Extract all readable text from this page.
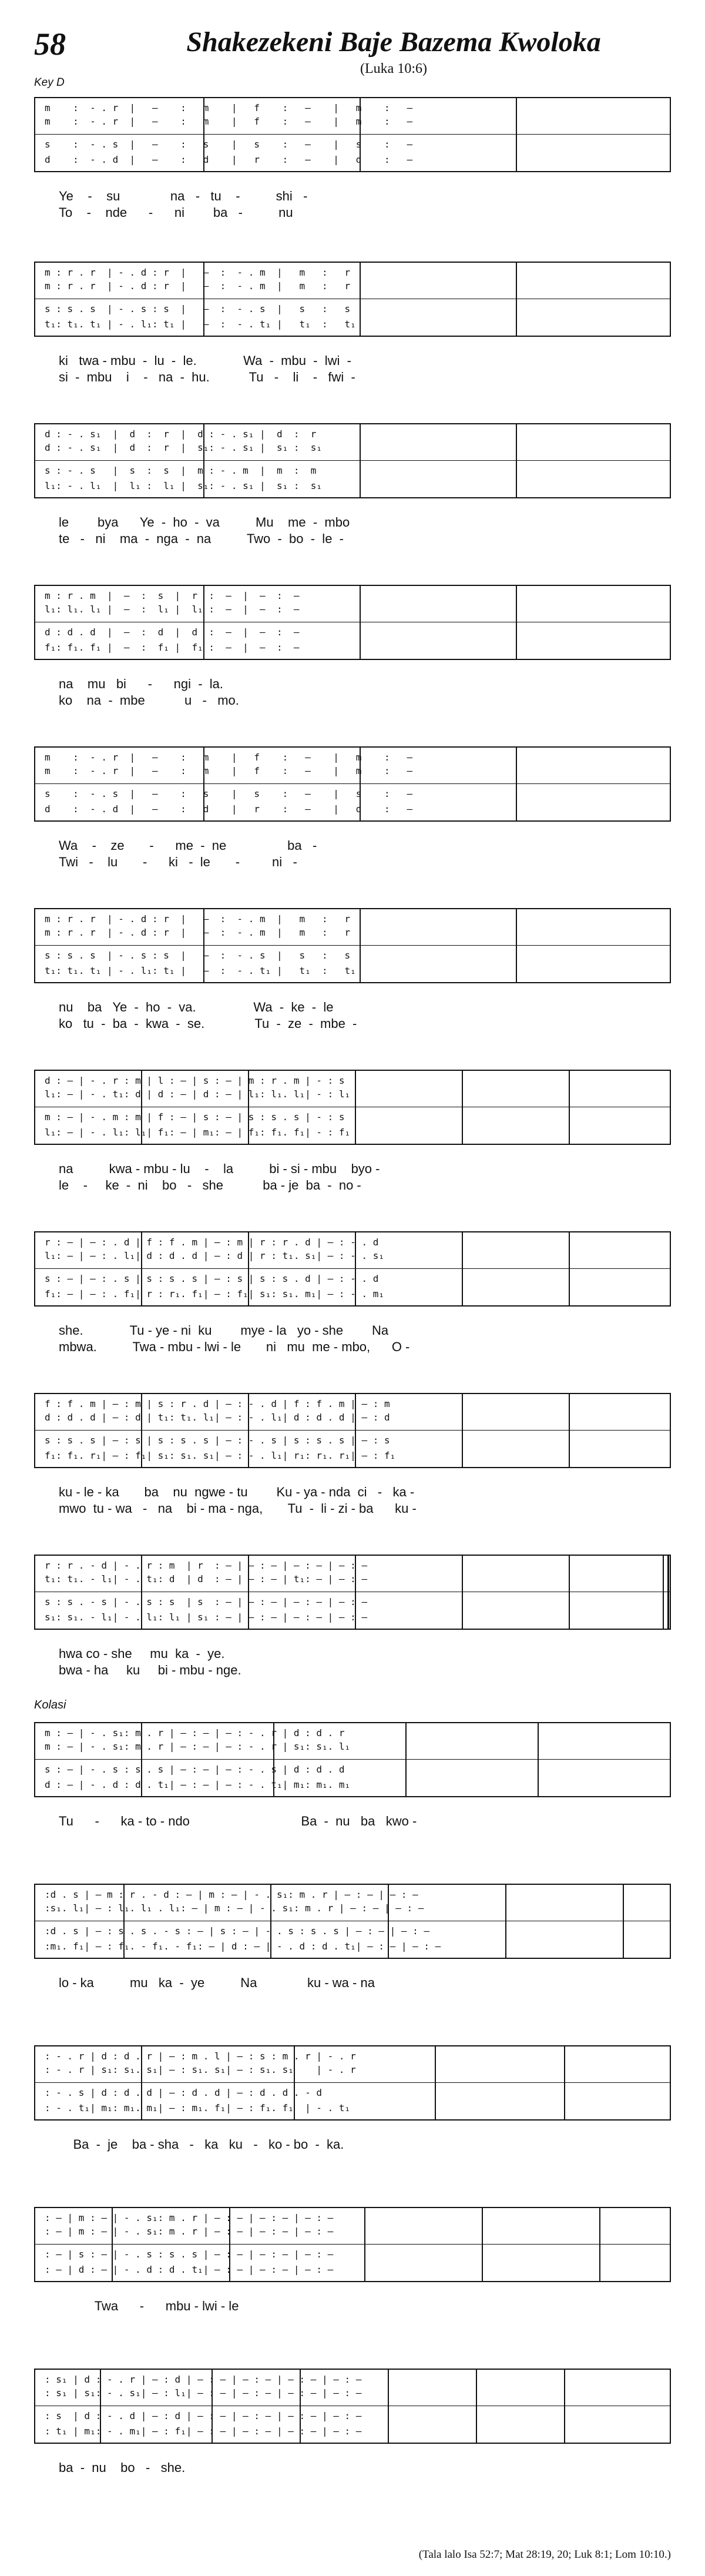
58	Shakezekeni Baje Bazema Kwoloka
(Luka 10:6)
Key D
m    :  - . r  |   —    :   m    |   f    :   —    |   m    :   —
m    :  - . r  |   —    :   m    |   f    :   —    |   m    :   —
s    :  - . s  |   —    :   s    |   s    :   —    |   s    :   —
d    :  - . d  |   —    :   d    |   r    :   —    |   d    :   —
Ye    -    su              na   -   tu    -          shi   -
To    -    nde      -      ni        ba   -          nu
m : r . r  | - . d : r  |   —  :  - . m  |   m   :   r
m : r . r  | - . d : r  |   —  :  - . m  |   m   :   r
s : s . s  | - . s : s  |   —  :  - . s  |   s   :   s
t₁: t₁. t₁ | - . l₁: t₁ |   —  :  - . t₁ |   t₁  :   t₁
ki   twa - mbu  -  lu  -  le.             Wa  -  mbu  -  lwi  -
si  -  mbu    i    -   na  -  hu.           Tu   -    li    -   fwi  -
d : - . s₁  |  d  :  r  |  d : - . s₁ |  d  :  r
d : - . s₁  |  d  :  r  |  s₁: - . s₁ |  s₁ :  s₁
s : - . s   |  s  :  s  |  m : - . m  |  m  :  m
l₁: - . l₁  |  l₁ :  l₁ |  s₁: - . s₁ |  s₁ :  s₁
le        bya      Ye  -  ho  -  va          Mu    me  -  mbo
te   -   ni    ma  -  nga  -  na          Two  -  bo  -  le  -
m : r . m  |  —  :  s  |  r  :  —  |  —  :  —
l₁: l₁. l₁ |  —  :  l₁ |  l₁ :  —  |  —  :  —
d : d . d  |  —  :  d  |  d  :  —  |  —  :  —
f₁: f₁. f₁ |  —  :  f₁ |  f₁ :  —  |  —  :  —
na    mu   bi      -      ngi  -  la.
ko    na  -  mbe           u   -   mo.
m    :  - . r  |   —    :   m    |   f    :   —    |   m    :   —
m    :  - . r  |   —    :   m    |   f    :   —    |   m    :   —
s    :  - . s  |   —    :   s    |   s    :   —    |   s    :   —
d    :  - . d  |   —    :   d    |   r    :   —    |   d    :   —
Wa    -    ze       -      me  -  ne                 ba   -
Twi   -    lu       -      ki   -  le       -         ni   -
m : r . r  | - . d : r  |   —  :  - . m  |   m   :   r
m : r . r  | - . d : r  |   —  :  - . m  |   m   :   r
s : s . s  | - . s : s  |   —  :  - . s  |   s   :   s
t₁: t₁. t₁ | - . l₁: t₁ |   —  :  - . t₁ |   t₁  :   t₁
nu    ba   Ye  -  ho  -  va.                Wa  -  ke  -  le
ko   tu  -  ba  -  kwa  -  se.              Tu  -  ze  -  mbe  -
d : — | - . r : m | l : — | s : — | m : r . m | - : s
l₁: — | - . t₁: d | d : — | d : — | l₁: l₁. l₁| - : l₁
m : — | - . m : m | f : — | s : — | s : s . s | - : s
l₁: — | - . l₁: l₁| f₁: — | m₁: — | f₁: f₁. f₁| - : f₁
na          kwa - mbu - lu    -    la          bi - si - mbu    byo -
le    -     ke  -  ni    bo   -   she           ba - je  ba  -  no -
r : — | — : . d | f : f . m | — : m | r : r . d | — : - . d
l₁: — | — : . l₁| d : d . d | — : d | r : t₁. s₁| — : - . s₁
s : — | — : . s | s : s . s | — : s | s : s . d | — : - . d
f₁: — | — : . f₁| r : r₁. f₁| — : f₁| s₁: s₁. m₁| — : - . m₁
she.             Tu - ye - ni  ku        mye - la   yo - she        Na
mbwa.          Twa - mbu - lwi - le       ni   mu  me - mbo,      O -
f : f . m | — : m | s : r . d | — : - . d | f : f . m | — : m
d : d . d | — : d | t₁: t₁. l₁| — : - . l₁| d : d . d | — : d
s : s . s | — : s | s : s . s | — : - . s | s : s . s | — : s
f₁: f₁. r₁| — : f₁| s₁: s₁. s₁| — : - . l₁| r₁: r₁. r₁| — : f₁
ku - le - ka       ba    nu  ngwe - tu        Ku - ya - nda  ci   -   ka -
mwo  tu - wa   -   na    bi - ma - nga,       Tu  -  li - zi - ba      ku -
r : r . - d | - . r : m  | r  : — | — : — | — : — | — : —
t₁: t₁. - l₁| - . t₁: d  | d  : — | — : — | t₁: — | — : —
s : s . - s | - . s : s  | s  : — | — : — | — : — | — : —
s₁: s₁. - l₁| - . l₁: l₁ | s₁ : — | — : — | — : — | — : —
hwa co - she     mu  ka  -  ye.
bwa - ha     ku     bi - mbu - nge.
m : — | - . s₁: m . r | — : — | — : - . r | d : d . r
m : — | - . s₁: m . r | — : — | — : - . r | s₁: s₁. l₁
s : — | - . s : s . s | — : — | — : - . s | d : d . d
d : — | - . d : d . t₁| — : — | — : - . t₁| m₁: m₁. m₁
Tu      -      ka - to - ndo                               Ba  -  nu   ba   kwo -
:d . s | — m : r . - d : — | m : — | - . s₁: m . r | — : — | — : —
:s₁. l₁| — : l₁. l₁ . l₁: — | m : — | - . s₁: m . r | — : — | — : —
:d . s | — : s . s . - s : — | s : — | - . s : s . s | — : — | — : —
:m₁. f₁| — : f₁. - f₁. - f₁: — | d : — | - . d : d . t₁| — : — | — : —
lo - ka          mu   ka  -  ye          Na              ku - wa - na
: - . r | d : d . r | — : m . l | — : s : m . r | - . r
: - . r | s₁: s₁. s₁| — : s₁. s₁| — : s₁. s₁    | - . r
: - . s | d : d . d | — : d . d | — : d . d . - d
: - . t₁| m₁: m₁. m₁| — : m₁. f₁| — : f₁. f₁  | - . t₁
Ba  -  je    ba - sha   -   ka   ku   -   ko - bo  -  ka.
: — | m : — | - . s₁: m . r | — : — | — : — | — : —
: — | m : — | - . s₁: m . r | — : — | — : — | — : —
: — | s : — | - . s : s . s | — : — | — : — | — : —
: — | d : — | - . d : d . t₁| — : — | — : — | — : —
Twa      -      mbu - lwi - le
: s₁ | d : - . r | — : d | — : — | — : — | — : — | — : —
: s₁ | s₁: - . s₁| — : l₁| — : — | — : — | — : — | — : —
: s  | d : - . d | — : d | — : — | — : — | — : — | — : —
: t₁ | m₁: - . m₁| — : f₁| — : — | — : — | — : — | — : —
ba  -  nu    bo   -   she.
Kolasi
(Tala lalo Isa 52:7; Mat 28:19, 20; Luk 8:1; Lom 10:10.)
